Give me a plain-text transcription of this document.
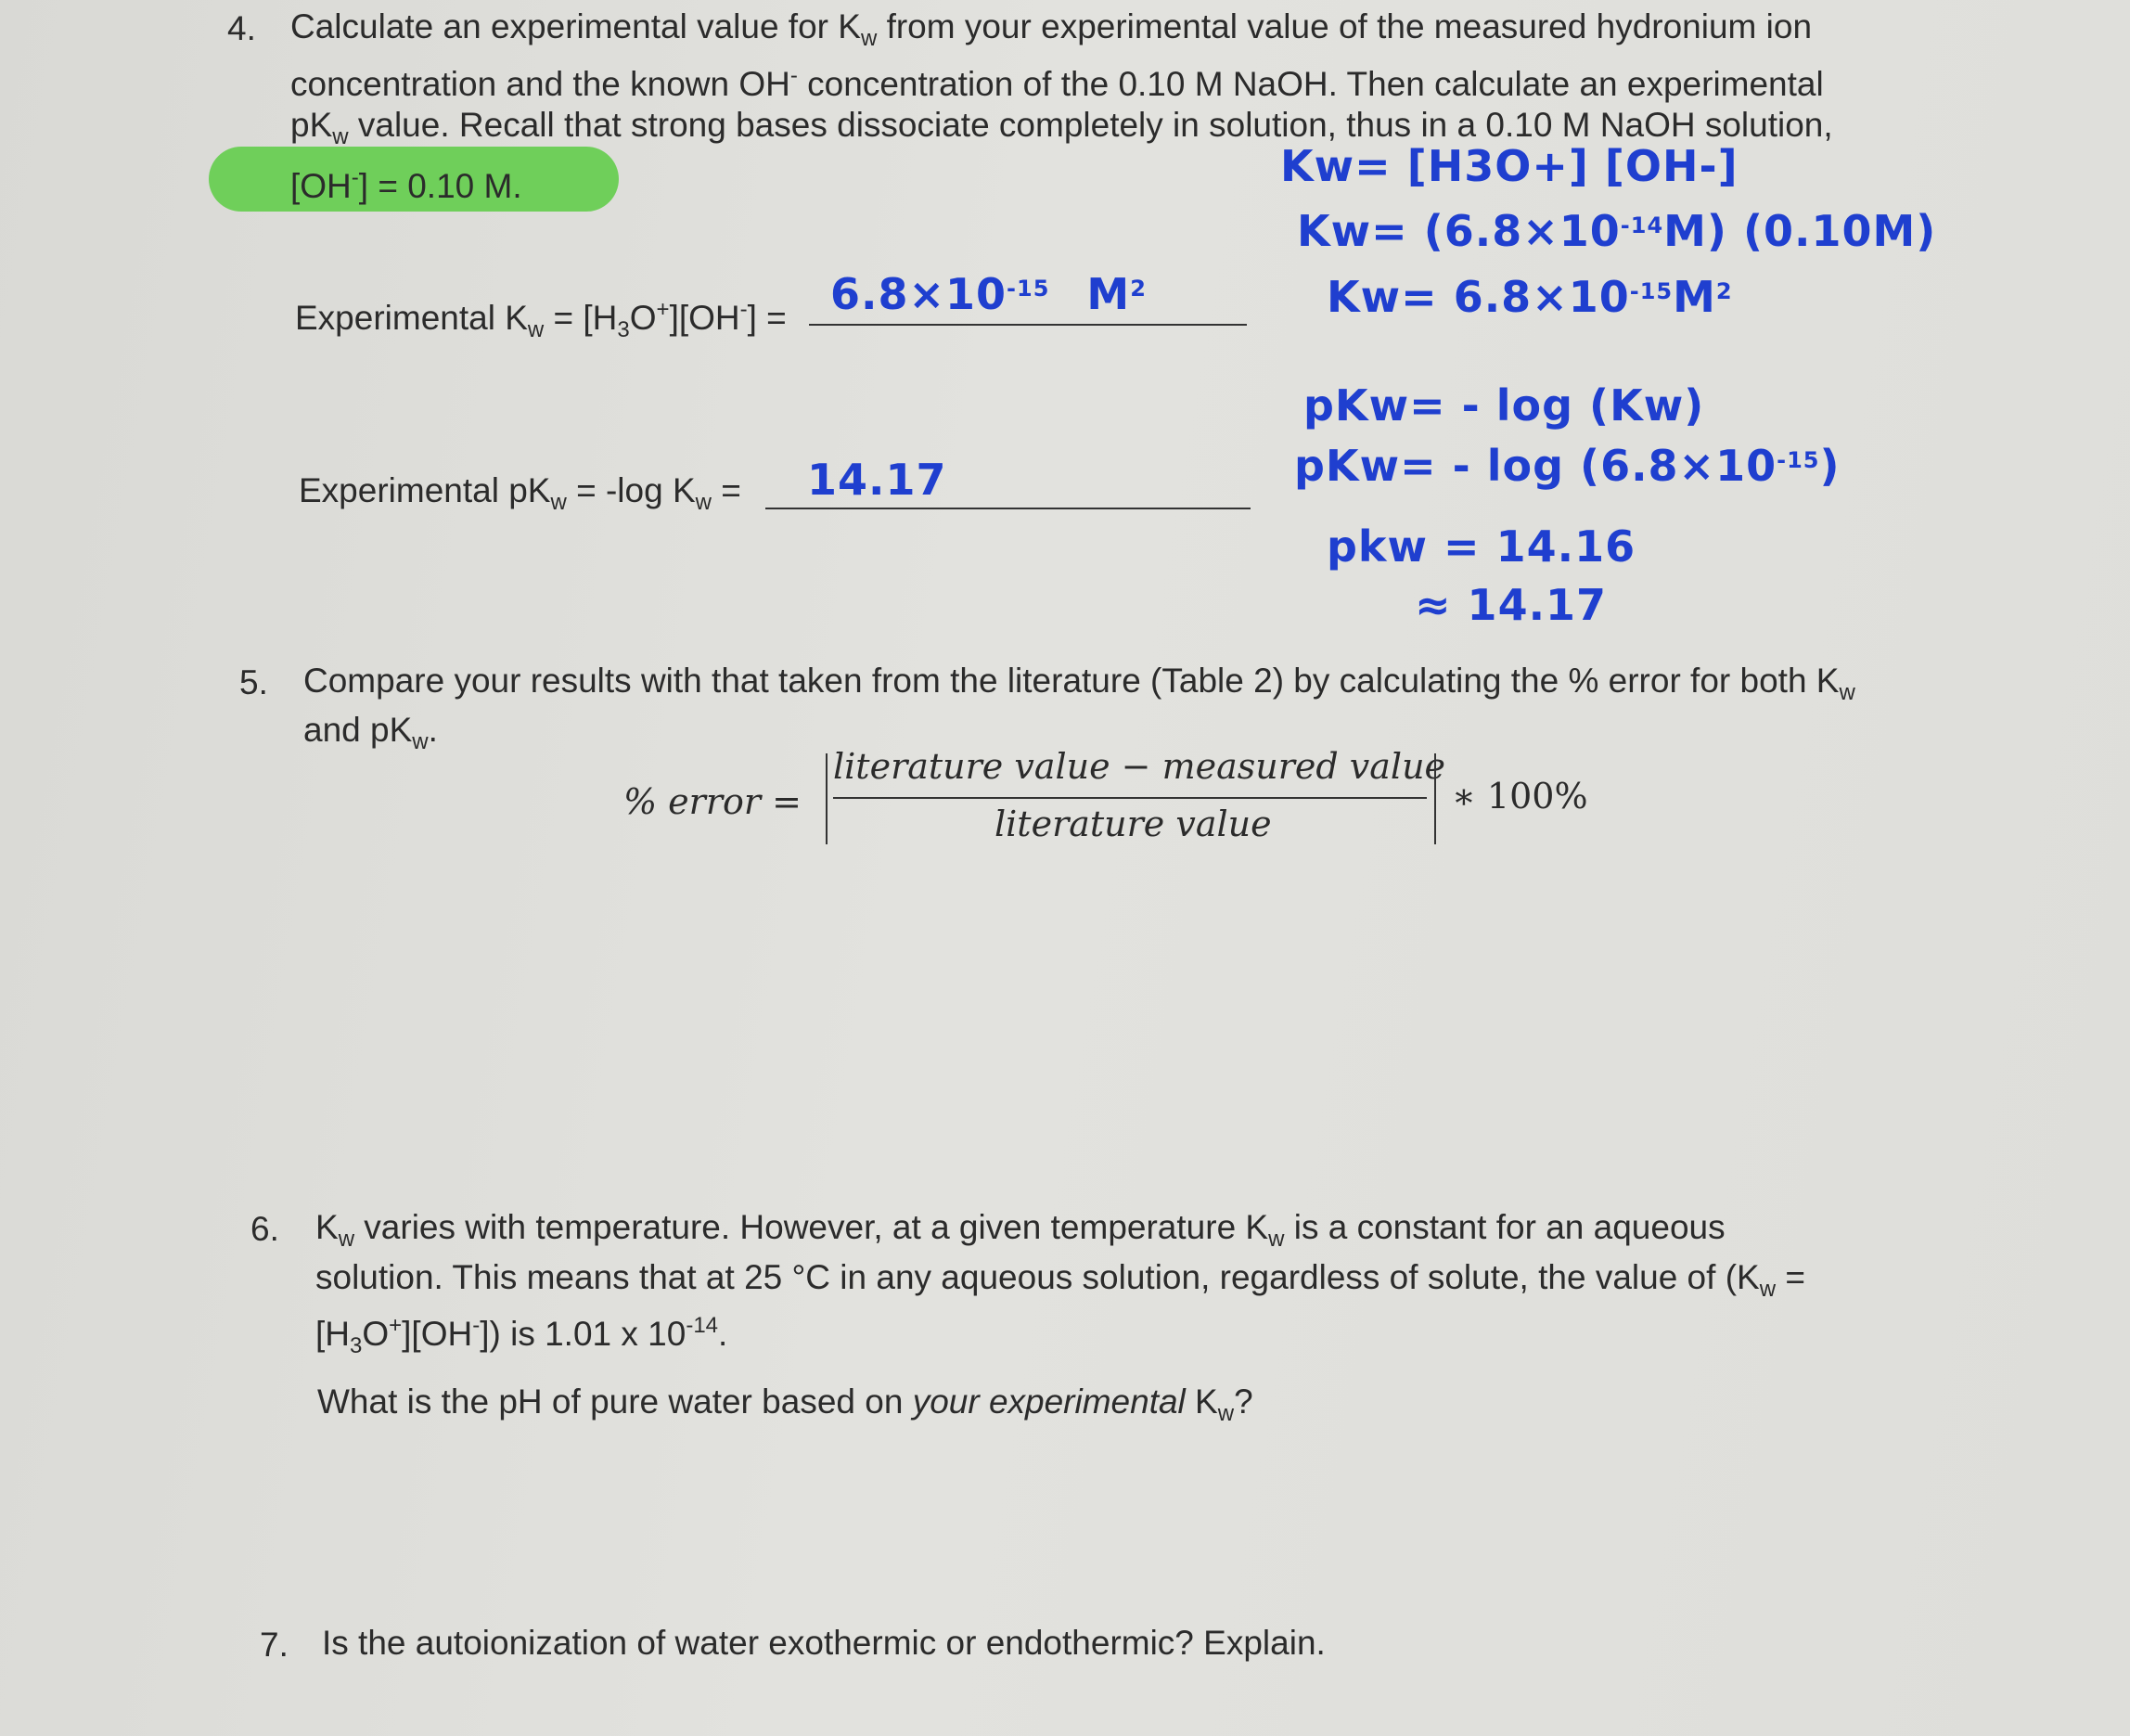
4. Calculate an experimental value for $K_w$ from your experimental value of the measured hydronium ion
concentration and the known OH- concentration of the 0.10 M NaOH. Then calculate an experimental
$pK_w$ value. Recall that strong bases dissociate completely in solution, thus in a 0.10 M NaOH solution,
[OH-] = 0.10 M.
Experimental $K_w = [H_3O^+][OH^-] = 6.8\times 10^{-15}$ $M^2$
Experimental $pK_w = -\log$ $K_w = 14.17$
Kw= [H3O+] [OH-]
$Kw= (6.8\times 10^{-14}M)$ (0.10M)
$Kw= 6.8\times 10^{-15}M^2$
pKw= - log (Kw)
$pKw= - \log (6.8\times 10^{-15})$
pkw = 14.16
≈ 14.17
5. Compare your results with that taken from the literature (Table 2) by calculating the % error for both $K_w$
and $pK_w$.
% error =
literature value − measured value
literature value
∗ 100%
6. $K_w$ varies with temperature. However, at a given temperature $K_w$ is a constant for an aqueous
solution. This means that at 25 °C in any aqueous solution, regardless of solute, the value of ($K_w$ =
$[H_3O^+][OH^-]$) is 1.01 x $10^{-14}$.
What is the pH of pure water based on your experimental $K_w$?
7. Is the autoionization of water exothermic or endothermic? Explain.
